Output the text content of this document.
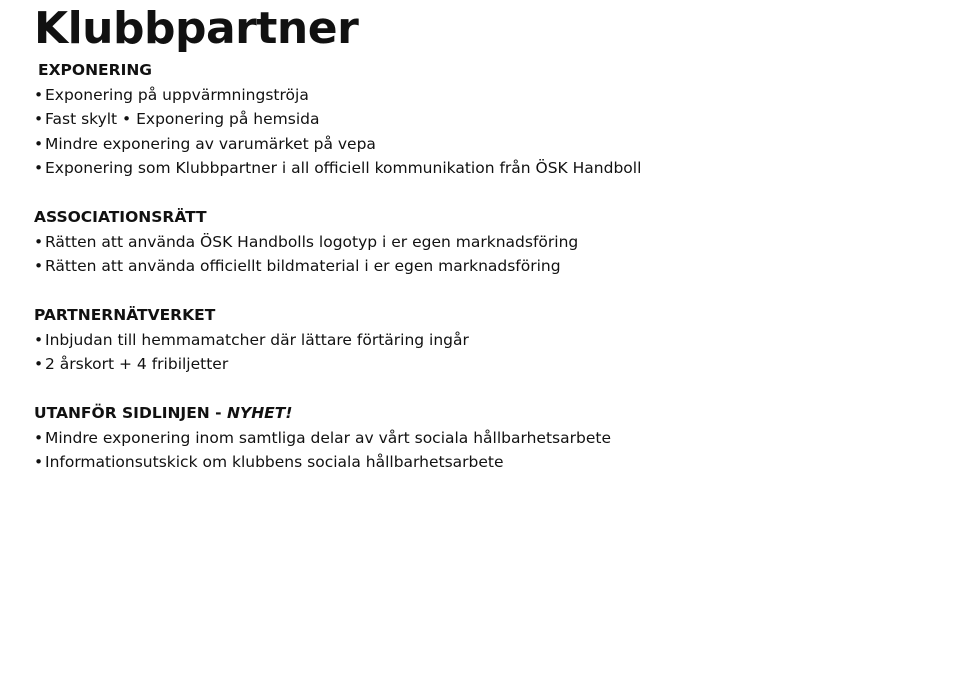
Klubbpartner
EXPONERING
• Exponering på uppvärmningströja
• Fast skylt • Exponering på hemsida
• Mindre exponering av varumärket på vepa
• Exponering som Klubbpartner i all officiell kommunikation från ÖSK Handboll
ASSOCIATIONSRÄTT
• Rätten att använda ÖSK Handbolls logotyp i er egen marknadsföring
• Rätten att använda officiellt bildmaterial i er egen marknadsföring
PARTNERNÄTVERKET
• Inbjudan till hemmamatcher där lättare förtäring ingår
• 2 årskort + 4 fribiljetter
UTANFÖR SIDLINJEN - NYHET!
• Mindre exponering inom samtliga delar av vårt sociala hållbarhetsarbete
• Informationsutskick om klubbens sociala hållbarhetsarbete
